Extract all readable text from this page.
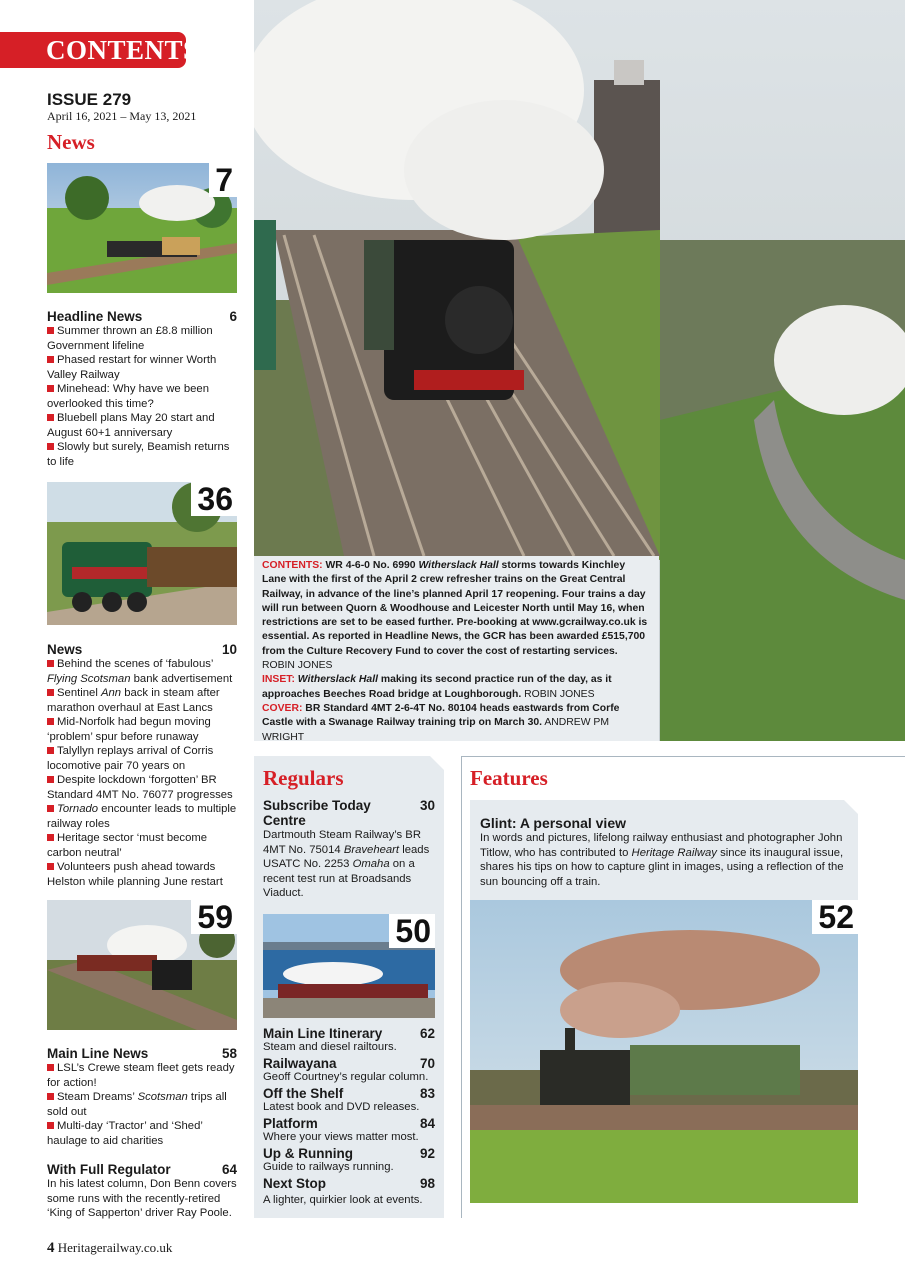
CONTENTS
ISSUE 279
April 16, 2021 – May 13, 2021
News
7
Headline News	6
Summer thrown an £8.8 million Government lifeline
Phased restart for winner Worth Valley Railway
Minehead: Why have we been overlooked this time?
Bluebell plans May 20 start and August 60+1 anniversary
Slowly but surely, Beamish returns to life
36
News	10
Behind the scenes of ‘fabulous’ Flying Scotsman bank advertisement
Sentinel Ann back in steam after marathon overhaul at East Lancs
Mid-Norfolk had begun moving ‘problem’ spur before runaway
Talyllyn replays arrival of Corris locomotive pair 70 years on
Despite lockdown ‘forgotten’ BR Standard 4MT No. 76077 progresses
Tornado encounter leads to multiple railway roles
Heritage sector ‘must become carbon neutral’
Volunteers push ahead towards Helston while planning June restart
59
Main Line News	58
LSL’s Crewe steam fleet gets ready for action!
Steam Dreams’ Scotsman trips all sold out
Multi-day ‘Tractor’ and ‘Shed’ haulage to aid charities
With Full Regulator	64
In his latest column, Don Benn covers some runs with the recently-retired ‘King of Sapperton’ driver Ray Poole.
CONTENTS: WR 4-6-0 No. 6990 Witherslack Hall storms towards Kinchley Lane with the first of the April 2 crew refresher trains on the Great Central Railway, in advance of the line’s planned April 17 reopening. Four trains a day will run between Quorn & Woodhouse and Leicester North until May 16, when restrictions are set to be eased further. Pre-booking at www.gcrailway.co.uk is essential. As reported in Headline News, the GCR has been awarded £515,700 from the Culture Recovery Fund to cover the cost of restarting services.
ROBIN JONES
INSET: Witherslack Hall making its second practice run of the day, as it approaches Beeches Road bridge at Loughborough. ROBIN JONES
COVER: BR Standard 4MT 2-6-4T No. 80104 heads eastwards from Corfe Castle with a Swanage Railway training trip on March 30. ANDREW PM WRIGHT
Regulars
Subscribe Today	30
Centre
Dartmouth Steam Railway’s BR 4MT No. 75014 Braveheart leads USATC No. 2253 Omaha on a recent test run at Broadsands Viaduct.
50
Main Line Itinerary	62
Steam and diesel railtours.
Railwayana	70
Geoff Courtney’s regular column.
Off the Shelf	83
Latest book and DVD releases.
Platform	84
Where your views matter most.
Up & Running	92
Guide to railways running.
Next Stop	98
A lighter, quirkier look at events.
Features
Glint: A personal view
In words and pictures, lifelong railway enthusiast and photographer John Titlow, who has contributed to Heritage Railway since its inaugural issue, shares his tips on how to capture glint in images, using a reflection of the sun bouncing off a train.
52
4 Heritagerailway.co.uk
